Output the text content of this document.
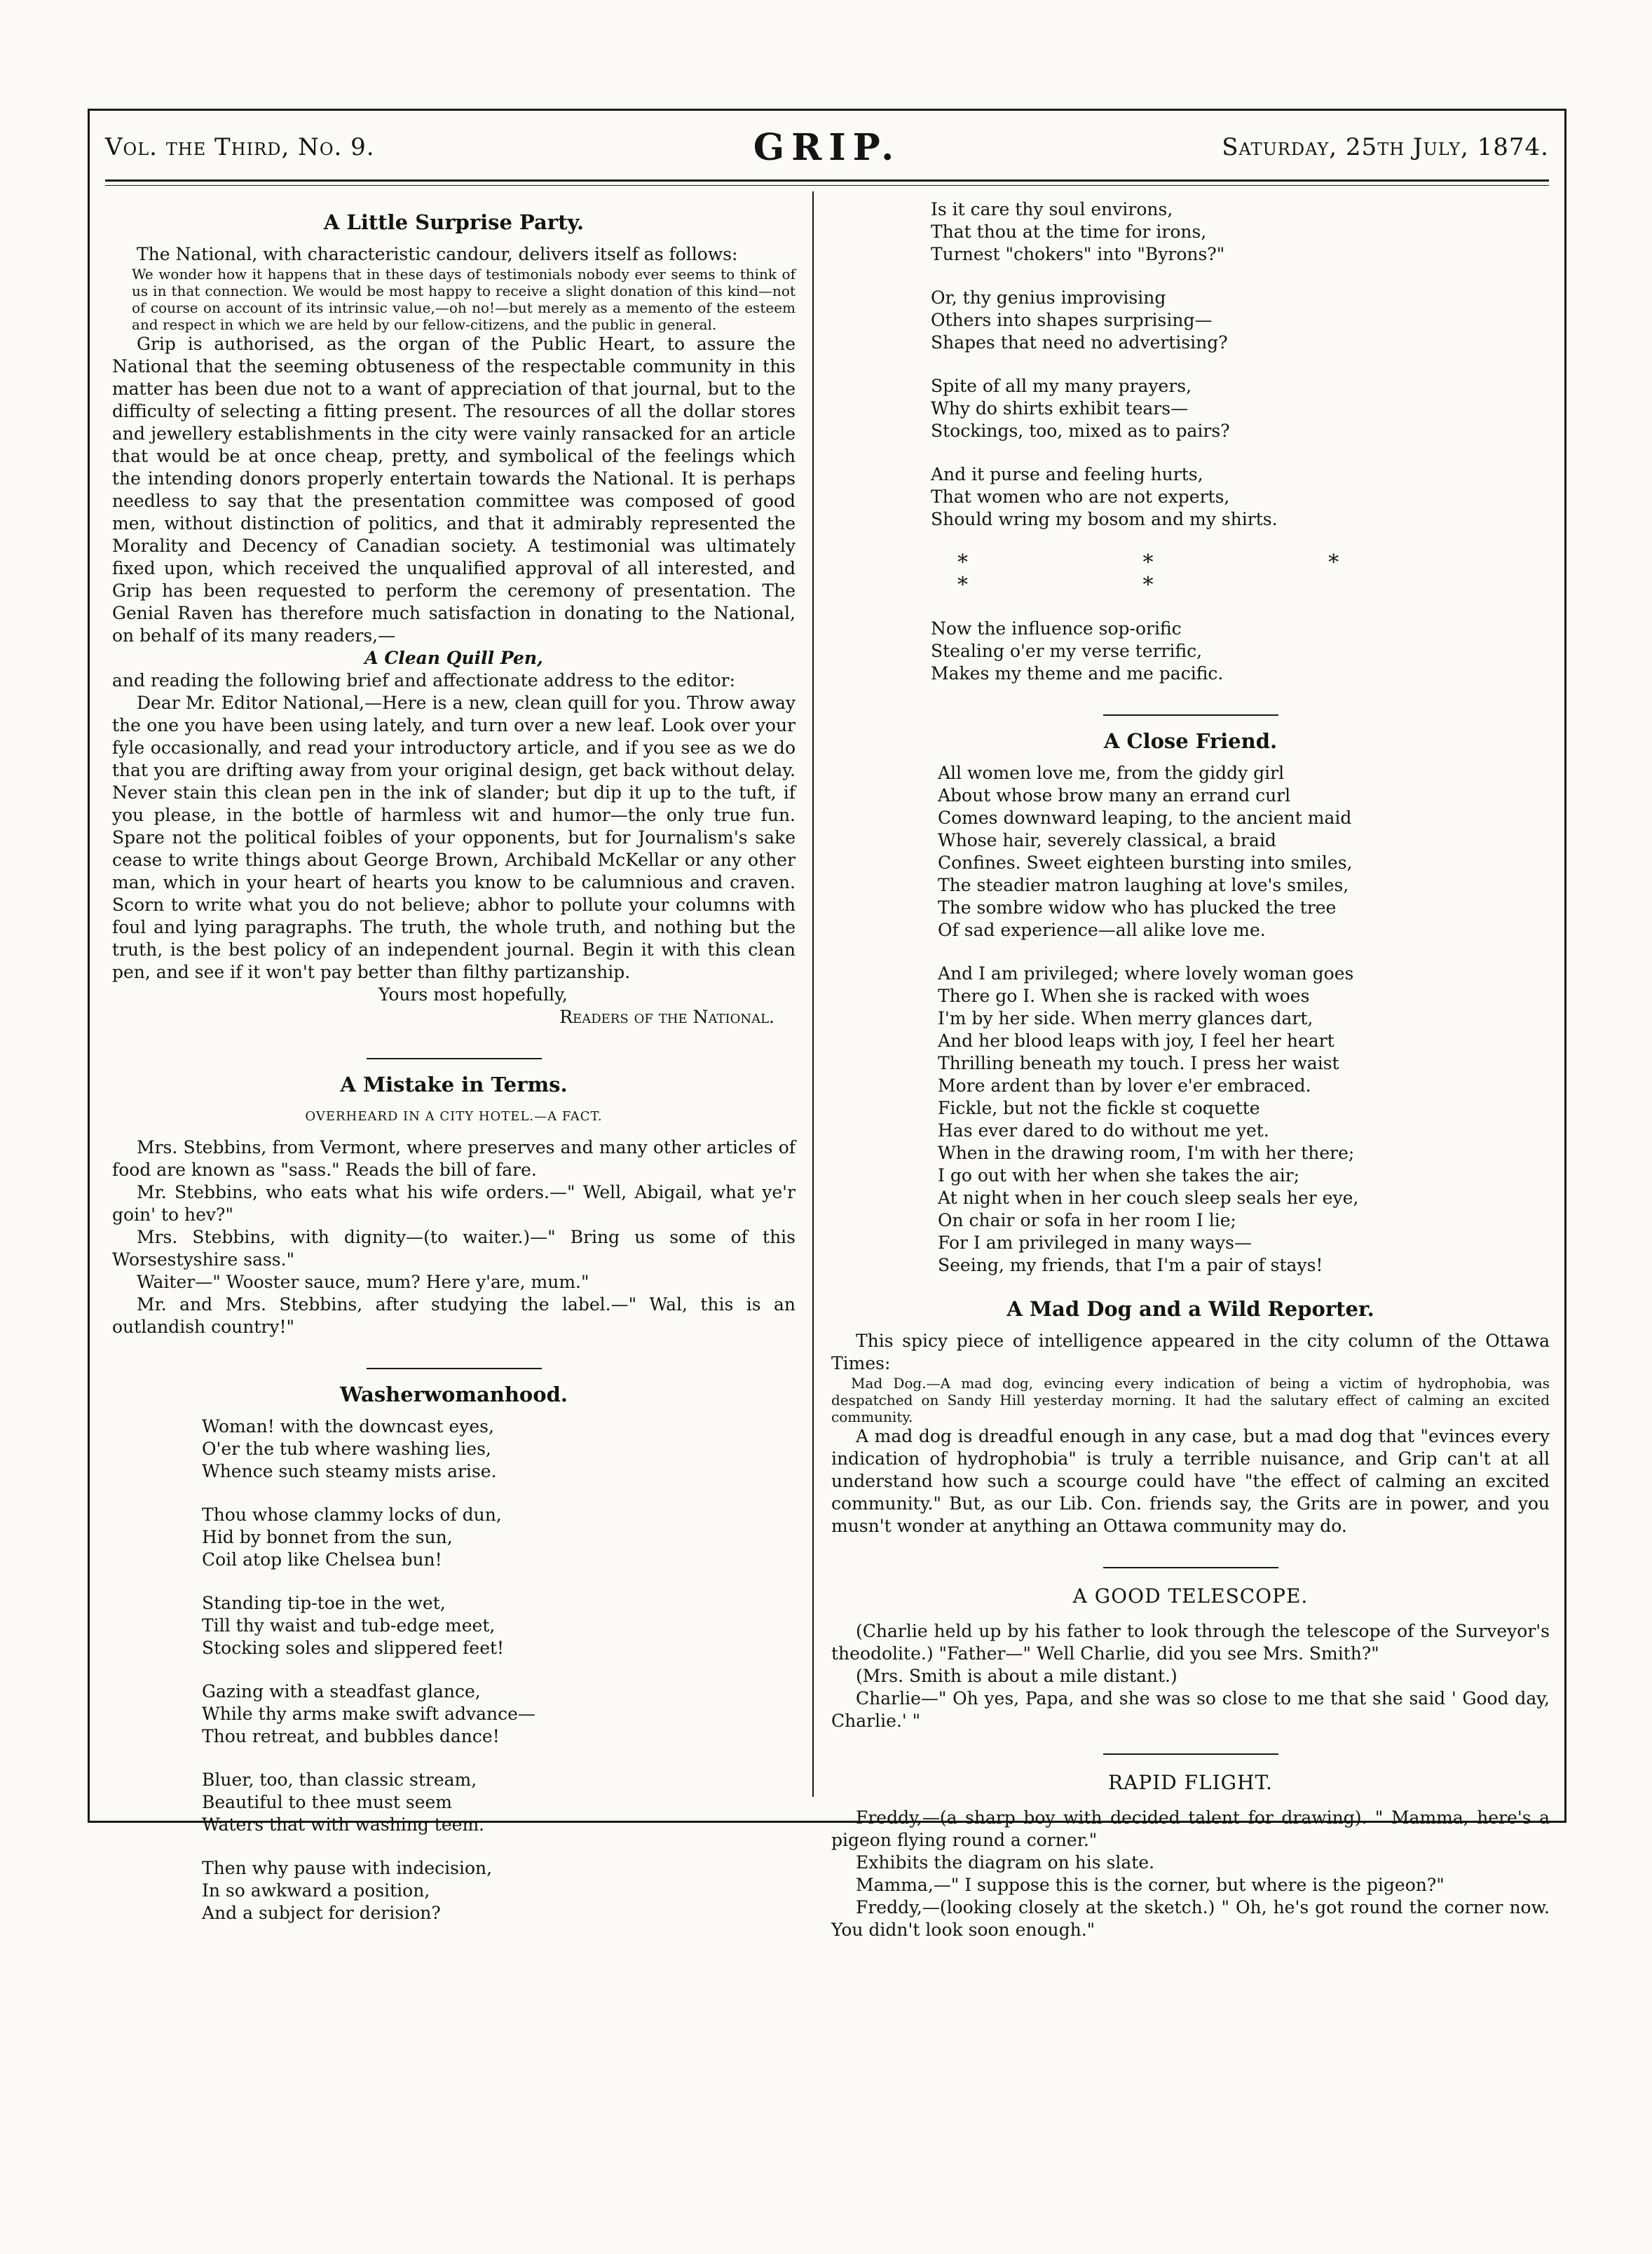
Vol. the Third, No. 9.	GRIP.	Saturday, 25th July, 1874.
A Little Surprise Party.

The National, with characteristic candour, delivers itself as follows:

We wonder how it happens that in these days of testimonials nobody ever seems to think of us in that connection. We would be most happy to receive a slight donation of this kind—not of course on account of its intrinsic value,—oh no!—but merely as a memento of the esteem and respect in which we are held by our fellow-citizens, and the public in general.

Grip is authorised, as the organ of the Public Heart, to assure the National that the seeming obtuseness of the respectable community in this matter has been due not to a want of appreciation of that journal, but to the difficulty of selecting a fitting present. The resources of all the dollar stores and jewellery establishments in the city were vainly ransacked for an article that would be at once cheap, pretty, and symbolical of the feelings which the intending donors properly entertain towards the National. It is perhaps needless to say that the presentation committee was composed of good men, without distinction of politics, and that it admirably represented the Morality and Decency of Canadian society. A testimonial was ultimately fixed upon, which received the unqualified approval of all interested, and Grip has been requested to perform the ceremony of presentation. The Genial Raven has therefore much satisfaction in donating to the National, on behalf of its many readers,—

A Clean Quill Pen,

and reading the following brief and affectionate address to the editor:

Dear Mr. Editor National,—Here is a new, clean quill for you. Throw away the one you have been using lately, and turn over a new leaf. Look over your fyle occasionally, and read your introductory article, and if you see as we do that you are drifting away from your original design, get back without delay. Never stain this clean pen in the ink of slander; but dip it up to the tuft, if you please, in the bottle of harmless wit and humor—the only true fun. Spare not the political foibles of your opponents, but for Journalism's sake cease to write things about George Brown, Archibald McKellar or any other man, which in your heart of hearts you know to be calumnious and craven. Scorn to write what you do not believe; abhor to pollute your columns with foul and lying paragraphs. The truth, the whole truth, and nothing but the truth, is the best policy of an independent journal. Begin it with this clean pen, and see if it won't pay better than filthy partizanship.

Yours most hopefully,

Readers of the National.

A Mistake in Terms.
OVERHEARD IN A CITY HOTEL.—A FACT.

Mrs. Stebbins, from Vermont, where preserves and many other articles of food are known as "sass." Reads the bill of fare.

Mr. Stebbins, who eats what his wife orders.—" Well, Abigail, what ye'r goin' to hev?"

Mrs. Stebbins, with dignity—(to waiter.)—" Bring us some of this Worsestyshire sass."

Waiter—" Wooster sauce, mum? Here y'are, mum."

Mr. and Mrs. Stebbins, after studying the label.—" Wal, this is an outlandish country!"

Washerwomanhood.
Woman! with the downcast eyes,
O'er the tub where washing lies,
Whence such steamy mists arise.
Thou whose clammy locks of dun,
Hid by bonnet from the sun,
Coil atop like Chelsea bun!
Standing tip-toe in the wet,
Till thy waist and tub-edge meet,
Stocking soles and slippered feet!
Gazing with a steadfast glance,
While thy arms make swift advance—
Thou retreat, and bubbles dance!
Bluer, too, than classic stream,
Beautiful to thee must seem
Waters that with washing teem.
Then why pause with indecision,
In so awkward a position,
And a subject for derision?
Is it care thy soul environs,
That thou at the time for irons,
Turnest "chokers" into "Byrons?"
Or, thy genius improvising
Others into shapes surprising—
Shapes that need no advertising?
Spite of all my many prayers,
Why do shirts exhibit tears—
Stockings, too, mixed as to pairs?
And it purse and feeling hurts,
That women who are not experts,
Should wring my bosom and my shirts.
* * * * *
Now the influence sop-orific
Stealing o'er my verse terrific,
Makes my theme and me pacific.
A Close Friend.
All women love me, from the giddy girl
About whose brow many an errand curl
Comes downward leaping, to the ancient maid
Whose hair, severely classical, a braid
Confines. Sweet eighteen bursting into smiles,
The steadier matron laughing at love's smiles,
The sombre widow who has plucked the tree
Of sad experience—all alike love me.
And I am privileged; where lovely woman goes
There go I. When she is racked with woes
I'm by her side. When merry glances dart,
And her blood leaps with joy, I feel her heart
Thrilling beneath my touch. I press her waist
More ardent than by lover e'er embraced.
Fickle, but not the fickle st coquette
Has ever dared to do without me yet.
When in the drawing room, I'm with her there;
I go out with her when she takes the air;
At night when in her couch sleep seals her eye,
On chair or sofa in her room I lie;
For I am privileged in many ways—
Seeing, my friends, that I'm a pair of stays!
A Mad Dog and a Wild Reporter.

This spicy piece of intelligence appeared in the city column of the Ottawa Times:

Mad Dog.—A mad dog, evincing every indication of being a victim of hydrophobia, was despatched on Sandy Hill yesterday morning. It had the salutary effect of calming an excited community.

A mad dog is dreadful enough in any case, but a mad dog that "evinces every indication of hydrophobia" is truly a terrible nuisance, and Grip can't at all understand how such a scourge could have "the effect of calming an excited community." But, as our Lib. Con. friends say, the Grits are in power, and you musn't wonder at anything an Ottawa community may do.

A GOOD TELESCOPE.

(Charlie held up by his father to look through the telescope of the Surveyor's theodolite.) "Father—" Well Charlie, did you see Mrs. Smith?"

(Mrs. Smith is about a mile distant.)

Charlie—" Oh yes, Papa, and she was so close to me that she said ' Good day, Charlie.' "

RAPID FLIGHT.

Freddy,—(a sharp boy with decided talent for drawing). " Mamma, here's a pigeon flying round a corner."

Exhibits the diagram on his slate.

Mamma,—" I suppose this is the corner, but where is the pigeon?"

Freddy,—(looking closely at the sketch.) " Oh, he's got round the corner now. You didn't look soon enough."
